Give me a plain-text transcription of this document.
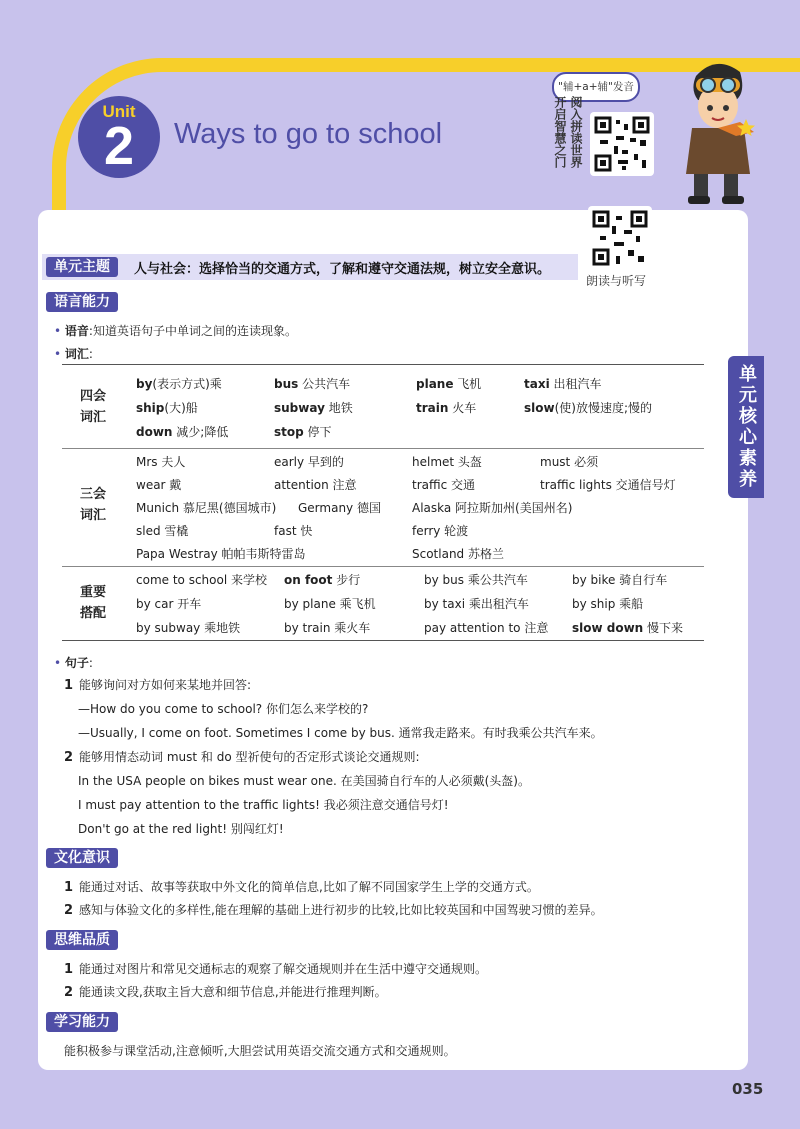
Unit
2	Ways to go to school
"辅+a+辅"发音
阅入拼读世界
开启智慧之门
朗读与听写
单元核心素养
单元主题	人与社会：选择恰当的交通方式，了解和遵守交通法规，树立安全意识。
语言能力
• 语音:知道英语句子中单词之间的连读现象。
• 词汇:
四会
词汇
by(表示方式)乘	bus 公共汽车	plane 飞机	taxi 出租汽车
ship(大)船	subway 地铁	train 火车	slow(使)放慢速度;慢的
down 减少;降低	stop 停下
三会
词汇
Mrs 夫人	early 早到的	helmet 头盔	must 必须
wear 戴	attention 注意	traffic 交通	traffic lights 交通信号灯
Munich 慕尼黑(德国城市) Germany 德国	Alaska 阿拉斯加州(美国州名)
sled 雪橇	fast 快	ferry 轮渡
Papa Westray 帕帕韦斯特雷岛	Scotland 苏格兰
重要
搭配
come to school 来学校 on foot 步行	by bus 乘公共汽车	by bike 骑自行车
by car 开车	by plane 乘飞机	by taxi 乘出租汽车	by ship 乘船
by subway 乘地铁	by train 乘火车	pay attention to 注意 slow down 慢下来
• 句子:
1 能够询问对方如何来某地并回答:
—How do you come to school? 你们怎么来学校的?
—Usually, I come on foot. Sometimes I come by bus. 通常我走路来。有时我乘公共汽车来。
2 能够用情态动词 must 和 do 型祈使句的否定形式谈论交通规则:
In the USA people on bikes must wear one. 在美国骑自行车的人必须戴(头盔)。
I must pay attention to the traffic lights! 我必须注意交通信号灯!
Don't go at the red light! 别闯红灯!
文化意识
1 能通过对话、故事等获取中外文化的简单信息,比如了解不同国家学生上学的交通方式。
2 感知与体验文化的多样性,能在理解的基础上进行初步的比较,比如比较英国和中国驾驶习惯的差异。
思维品质
1 能通过对图片和常见交通标志的观察了解交通规则并在生活中遵守交通规则。
2 能通读文段,获取主旨大意和细节信息,并能进行推理判断。
学习能力
能积极参与课堂活动,注意倾听,大胆尝试用英语交流交通方式和交通规则。
035
